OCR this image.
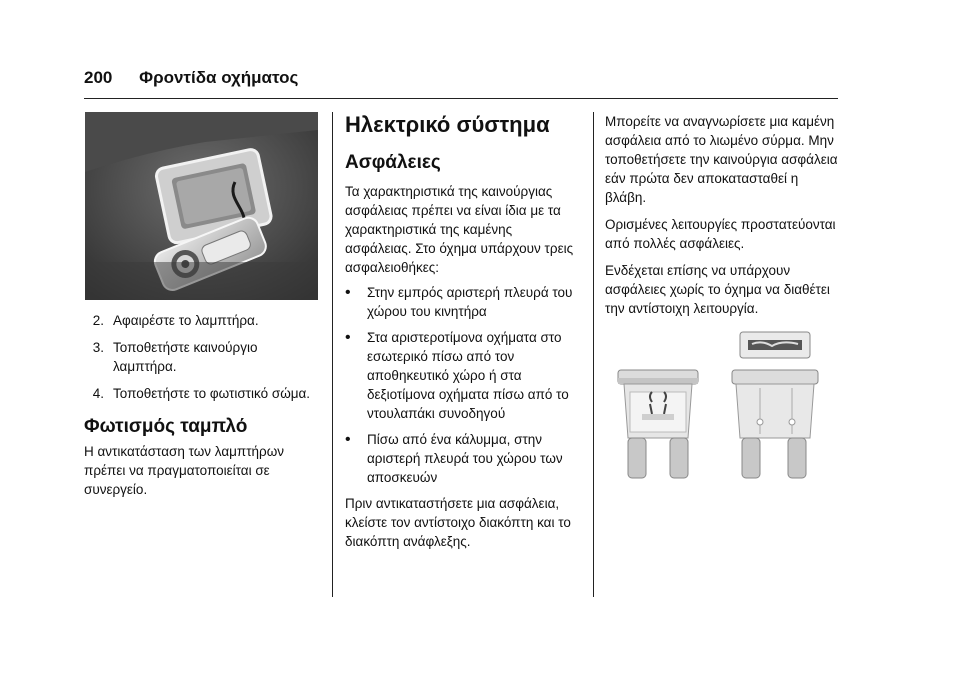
200 Φροντίδα οχήματος
2. Αφαιρέστε το λαμπτήρα.
3. Τοποθετήστε καινούργιο λαμπτήρα.
4. Τοποθετήστε το φωτιστικό σώμα.
Φωτισμός ταμπλό
Η αντικατάσταση των λαμπτήρων πρέπει να πραγματοποιείται σε συνεργείο.
Ηλεκτρικό σύστημα
Ασφάλειες
Τα χαρακτηριστικά της καινούργιας ασφάλειας πρέπει να είναι ίδια με τα χαρακτηριστικά της καμένης ασφάλειας. Στο όχημα υπάρχουν τρεις ασφαλειοθήκες:
•	Στην εμπρός αριστερή πλευρά του χώρου του κινητήρα
•	Στα αριστεροτίμονα οχήματα στο εσωτερικό πίσω από τον αποθηκευτικό χώρο ή στα δεξιοτίμονα οχήματα πίσω από το ντουλαπάκι συνοδηγού
•	Πίσω από ένα κάλυμμα, στην αριστερή πλευρά του χώρου των αποσκευών
Πριν αντικαταστήσετε μια ασφάλεια, κλείστε τον αντίστοιχο διακόπτη και το διακόπτη ανάφλεξης.
Μπορείτε να αναγνωρίσετε μια καμένη ασφάλεια από το λιωμένο σύρμα. Μην τοποθετήσετε την καινούργια ασφάλεια εάν πρώτα δεν αποκατασταθεί η βλάβη.
Ορισμένες λειτουργίες προστατεύονται από πολλές ασφάλειες.
Ενδέχεται επίσης να υπάρχουν ασφάλειες χωρίς το όχημα να διαθέτει την αντίστοιχη λειτουργία.
